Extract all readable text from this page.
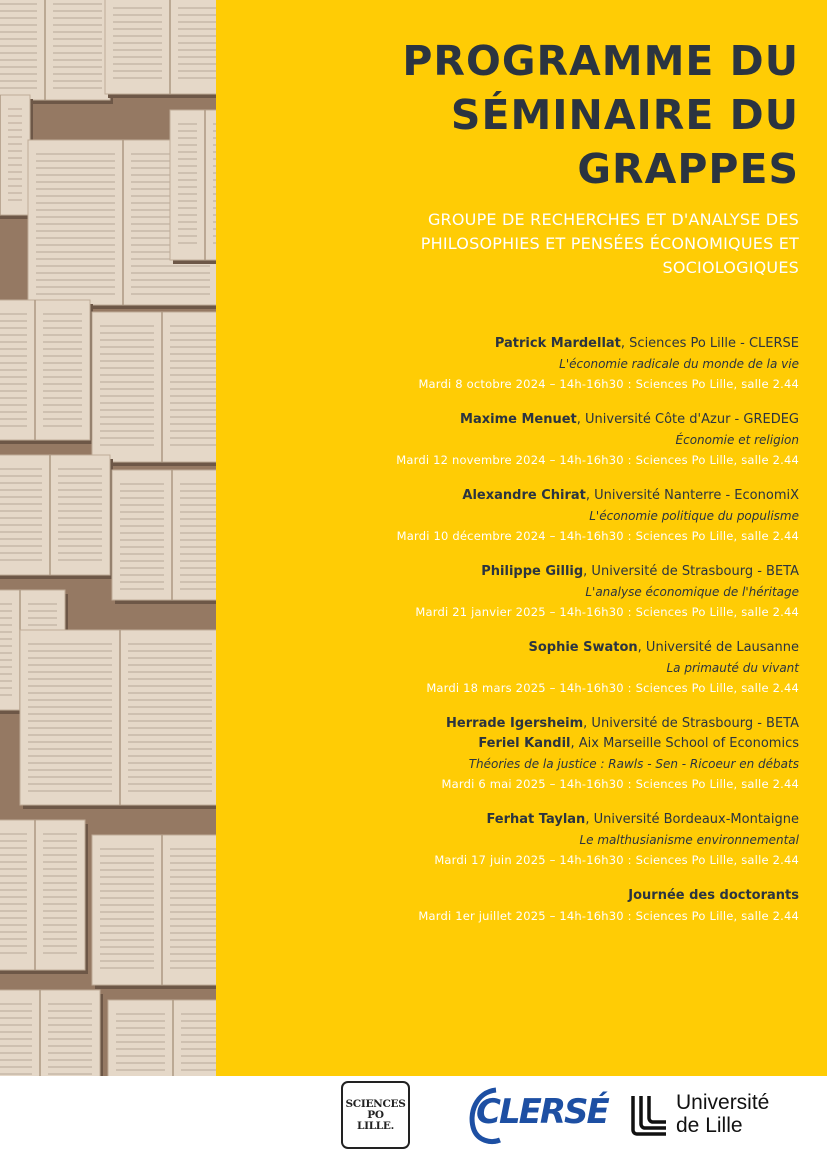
PROGRAMME DU
SÉMINAIRE DU
GRAPPES
GROUPE DE RECHERCHES ET D'ANALYSE DES
PHILOSOPHIES ET PENSÉES ÉCONOMIQUES ET
SOCIOLOGIQUES
Patrick Mardellat, Sciences Po Lille - CLERSE
L'économie radicale du monde de la vie
Mardi 8 octobre 2024 – 14h-16h30 : Sciences Po Lille, salle 2.44
Maxime Menuet, Université Côte d'Azur - GREDEG
Économie et religion
Mardi 12 novembre 2024 – 14h-16h30 : Sciences Po Lille, salle 2.44
Alexandre Chirat, Université Nanterre - EconomiX
L'économie politique du populisme
Mardi 10 décembre 2024 – 14h-16h30 : Sciences Po Lille, salle 2.44
Philippe Gillig, Université de Strasbourg - BETA
L'analyse économique de l'héritage
Mardi 21 janvier 2025 – 14h-16h30 : Sciences Po Lille, salle 2.44
Sophie Swaton, Université de Lausanne
La primauté du vivant
Mardi 18 mars 2025 – 14h-16h30 : Sciences Po Lille, salle 2.44
Herrade Igersheim, Université de Strasbourg - BETA
Feriel Kandil, Aix Marseille School of Economics
Théories de la justice : Rawls - Sen - Ricoeur en débats
Mardi 6 mai 2025 – 14h-16h30 : Sciences Po Lille, salle 2.44
Ferhat Taylan, Université Bordeaux-Montaigne
Le malthusianisme environnemental
Mardi 17 juin 2025 – 14h-16h30 : Sciences Po Lille, salle 2.44
Journée des doctorants
Mardi 1er juillet 2025 – 14h-16h30 : Sciences Po Lille, salle 2.44
SCIENCES
PO
LILLE. CLERSÉ	Université
de Lille
